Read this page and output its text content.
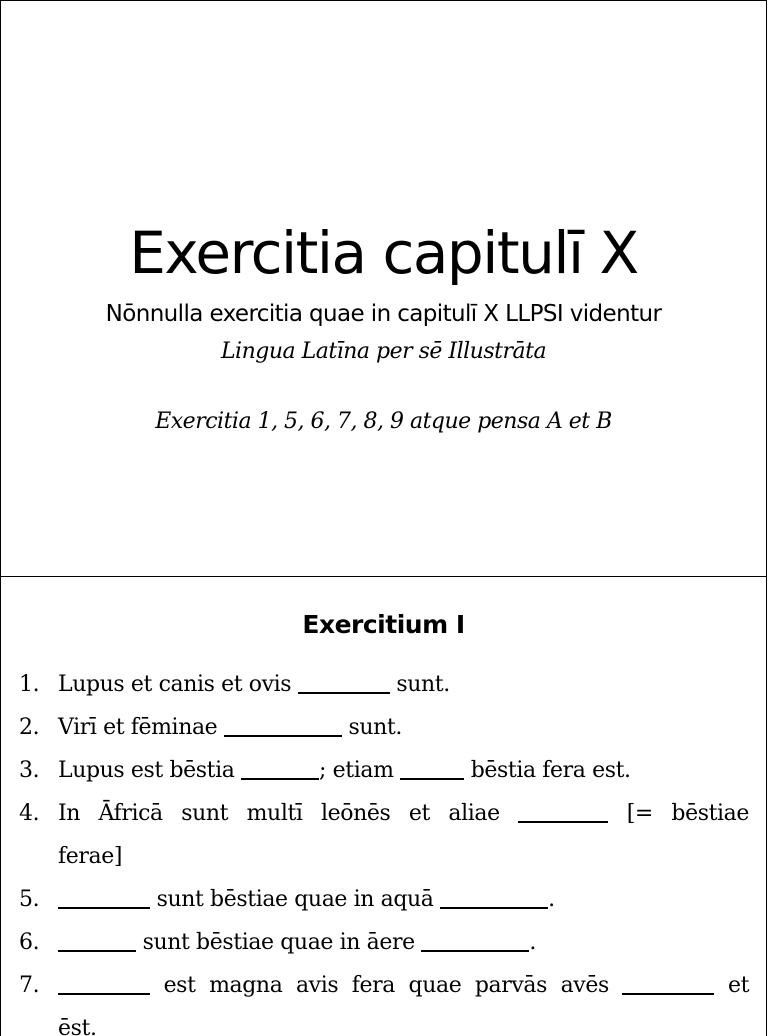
Exercitia capitulī X

Nōnnulla exercitia quae in capitulī X LLPSI videntur

Lingua Latīna per sē Illustrāta

Exercitia 1, 5, 6, 7, 8, 9 atque pensa A et B

Exercitium I
1. Lupus et canis et ovis	sunt.
2. Virī et fēminae	sunt.
3. Lupus est bēstia	; etiam	bēstia fera est.
4. In Āfricā sunt multī leōnēs et aliae	[= bēstiae
ferae]
5.	sunt bēstiae quae in aquā	.
6.	sunt bēstiae quae in āere	.
7.	est magna avis fera quae parvās avēs	et
ēst.
